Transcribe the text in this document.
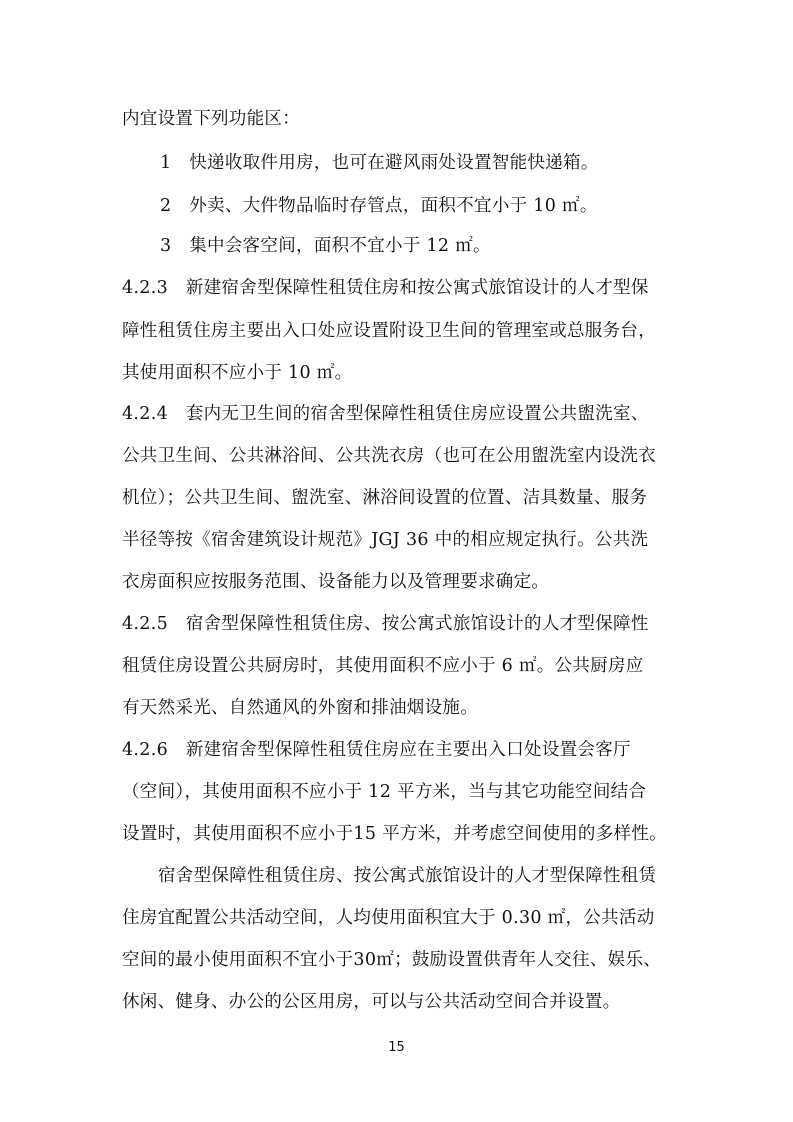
内宜设置下列功能区：
1　快递收取件用房，也可在避风雨处设置智能快递箱。
2　外卖、大件物品临时存管点，面积不宜小于 10 ㎡。
3　集中会客空间，面积不宜小于 12 ㎡。
4.2.3　新建宿舍型保障性租赁住房和按公寓式旅馆设计的人才型保
障性租赁住房主要出入口处应设置附设卫生间的管理室或总服务台，
其使用面积不应小于 10 ㎡。
4.2.4　套内无卫生间的宿舍型保障性租赁住房应设置公共盥洗室、
公共卫生间、公共淋浴间、公共洗衣房（也可在公用盥洗室内设洗衣
机位）；公共卫生间、盥洗室、淋浴间设置的位置、洁具数量、服务
半径等按《宿舍建筑设计规范》JGJ 36 中的相应规定执行。公共洗
衣房面积应按服务范围、设备能力以及管理要求确定。
4.2.5　宿舍型保障性租赁住房、按公寓式旅馆设计的人才型保障性
租赁住房设置公共厨房时，其使用面积不应小于 6 ㎡。公共厨房应
有天然采光、自然通风的外窗和排油烟设施。
4.2.6　新建宿舍型保障性租赁住房应在主要出入口处设置会客厅
（空间），其使用面积不应小于 12 平方米，当与其它功能空间结合
设置时，其使用面积不应小于15 平方米，并考虑空间使用的多样性。
宿舍型保障性租赁住房、按公寓式旅馆设计的人才型保障性租赁
住房宜配置公共活动空间，人均使用面积宜大于 0.30 ㎡，公共活动
空间的最小使用面积不宜小于30㎡；鼓励设置供青年人交往、娱乐、
休闲、健身、办公的公区用房，可以与公共活动空间合并设置。
15
